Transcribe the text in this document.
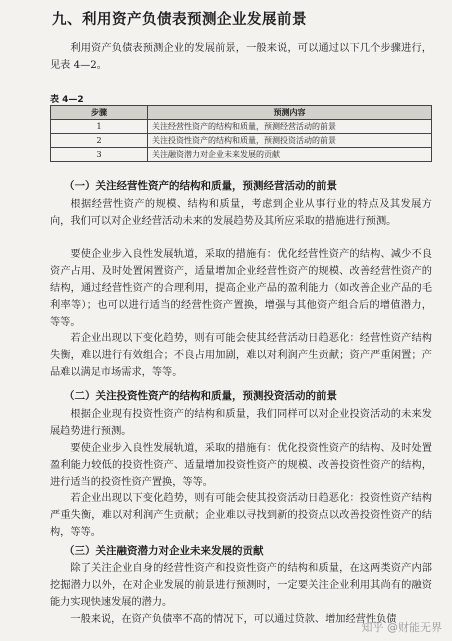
九、利用资产负债表预测企业发展前景

利用资产负债表预测企业的发展前景，一般来说，可以通过以下几个步骤进行，见表 4—2。

表 4—2
步骤	预测内容
1	关注经营性资产的结构和质量，预测经营活动的前景
2	关注投资性资产的结构和质量，预测投资活动的前景
3	关注融资潜力对企业未来发展的贡献
（一）关注经营性资产的结构和质量，预测经营活动的前景

根据经营性资产的规模、结构和质量，考虑到企业从事行业的特点及其发展方向，我们可以对企业经营活动未来的发展趋势及其所应采取的措施进行预测。

要使企业步入良性发展轨道，采取的措施有：优化经营性资产的结构、减少不良资产占用、及时处置闲置资产，适量增加企业经营性资产的规模、改善经营性资产的结构，通过经营性资产的合理利用，提高企业产品的盈利能力（如改善企业产品的毛利率等）；也可以进行适当的经营性资产置换，增强与其他资产组合后的增值潜力，等等。

若企业出现以下变化趋势，则有可能会使其经营活动日趋恶化：经营性资产结构失衡，难以进行有效组合；不良占用加剧，难以对利润产生贡献；资产严重闲置；产品难以满足市场需求，等等。

（二）关注投资性资产的结构和质量，预测投资活动的前景

根据企业现有投资性资产的结构和质量，我们同样可以对企业投资活动的未来发展趋势进行预测。

要使企业步入良性发展轨道，采取的措施有：优化投资性资产的结构、及时处置盈利能力较低的投资性资产、适量增加投资性资产的规模、改善投资性资产的结构，进行适当的投资性资产置换，等等。

若企业出现以下变化趋势，则有可能会使其投资活动日趋恶化：投资性资产结构严重失衡，难以对利润产生贡献；企业难以寻找到新的投资点以改善投资性资产的结构，等等。

（三）关注融资潜力对企业未来发展的贡献

除了关注企业自身的经营性资产和投资性资产的结构和质量，在这两类资产内部挖掘潜力以外，在对企业发展的前景进行预测时，一定要关注企业利用其尚有的融资能力实现快速发展的潜力。

一般来说，在资产负债率不高的情况下，可以通过贷款、增加经营性负债

知乎 @财能无界
